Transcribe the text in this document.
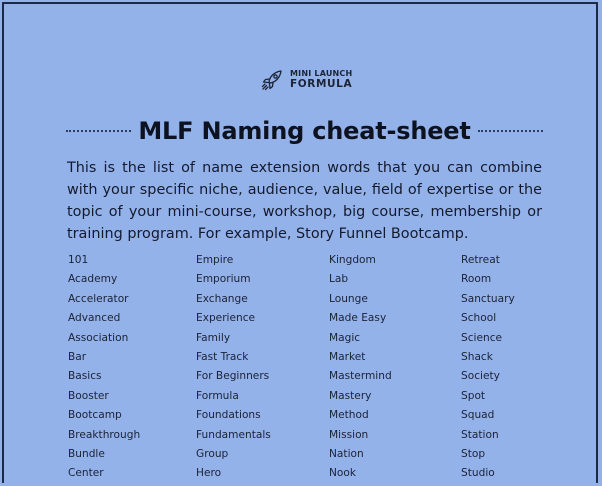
MINI LAUNCH
FORMULA
MLF Naming cheat-sheet

This is the list of name extension words that you can combine with your specific niche, audience, value, field of expertise or the topic of your mini-course, workshop, big course, membership or training program. For example, Story Funnel Bootcamp.

101
Academy
Accelerator
Advanced
Association
Bar
Basics
Booster
Bootcamp
Breakthrough
Bundle
Center
Empire
Emporium
Exchange
Experience
Family
Fast Track
For Beginners
Formula
Foundations
Fundamentals
Group
Hero
Kingdom
Lab
Lounge
Made Easy
Magic
Market
Mastermind
Mastery
Method
Mission
Nation
Nook
Retreat
Room
Sanctuary
School
Science
Shack
Society
Spot
Squad
Station
Stop
Studio
